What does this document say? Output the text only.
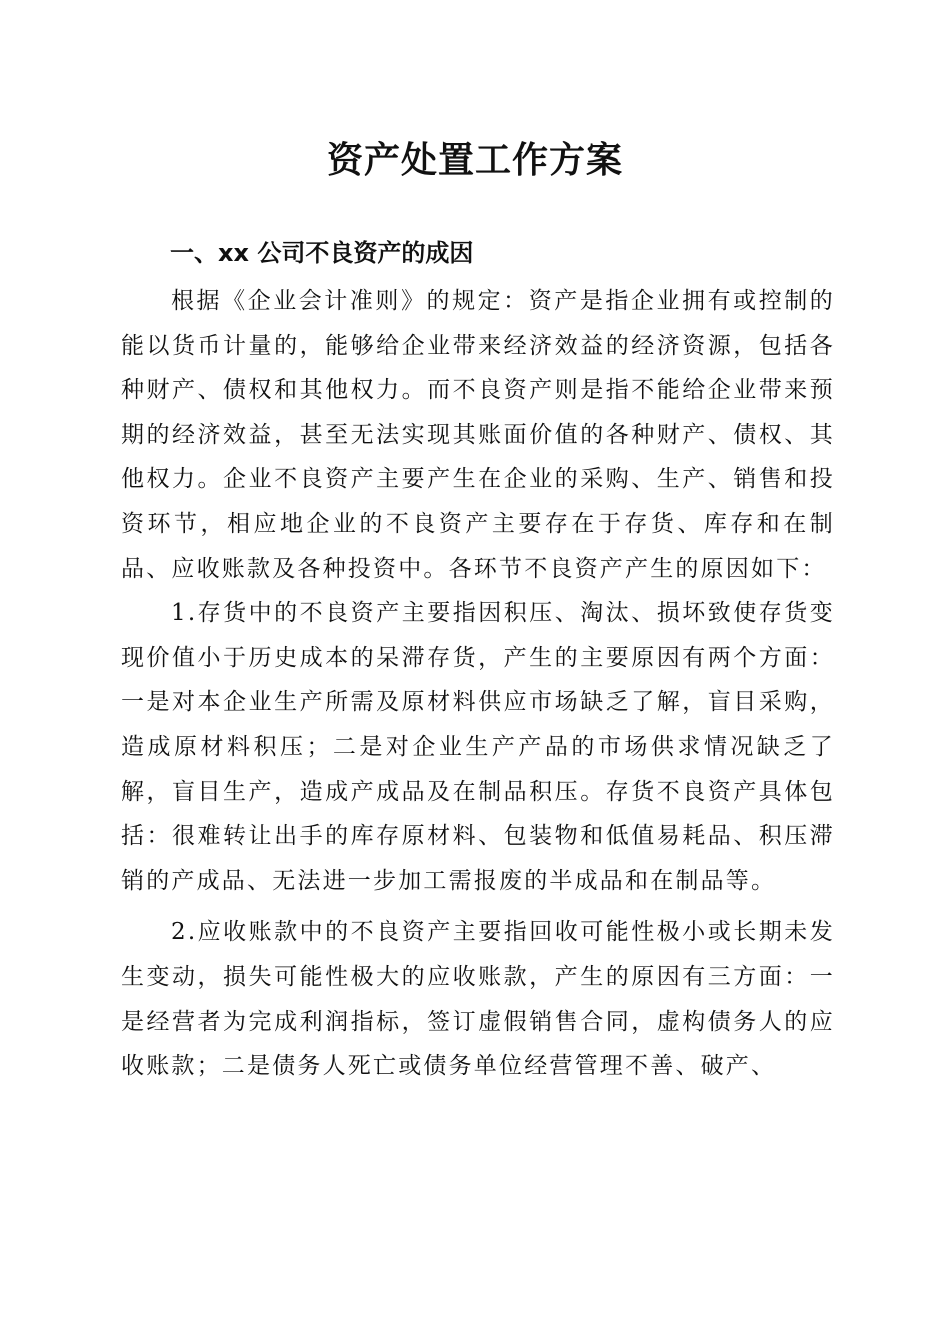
资产处置工作方案
一、xx 公司不良资产的成因

根据《企业会计准则》的规定：资产是指企业拥有或控制的能以货币计量的，能够给企业带来经济效益的经济资源，包括各种财产、债权和其他权力。而不良资产则是指不能给企业带来预期的经济效益，甚至无法实现其账面价值的各种财产、债权、其他权力。企业不良资产主要产生在企业的采购、生产、销售和投资环节，相应地企业的不良资产主要存在于存货、库存和在制品、应收账款及各种投资中。各环节不良资产产生的原因如下：

1.存货中的不良资产主要指因积压、淘汰、损坏致使存货变现价值小于历史成本的呆滞存货，产生的主要原因有两个方面：一是对本企业生产所需及原材料供应市场缺乏了解，盲目采购，造成原材料积压；二是对企业生产产品的市场供求情况缺乏了解，盲目生产，造成产成品及在制品积压。存货不良资产具体包括：很难转让出手的库存原材料、包装物和低值易耗品、积压滞销的产成品、无法进一步加工需报废的半成品和在制品等。

2.应收账款中的不良资产主要指回收可能性极小或长期未发生变动，损失可能性极大的应收账款，产生的原因有三方面：一是经营者为完成利润指标，签订虚假销售合同，虚构债务人的应收账款；二是债务人死亡或债务单位经营管理不善、破产、
